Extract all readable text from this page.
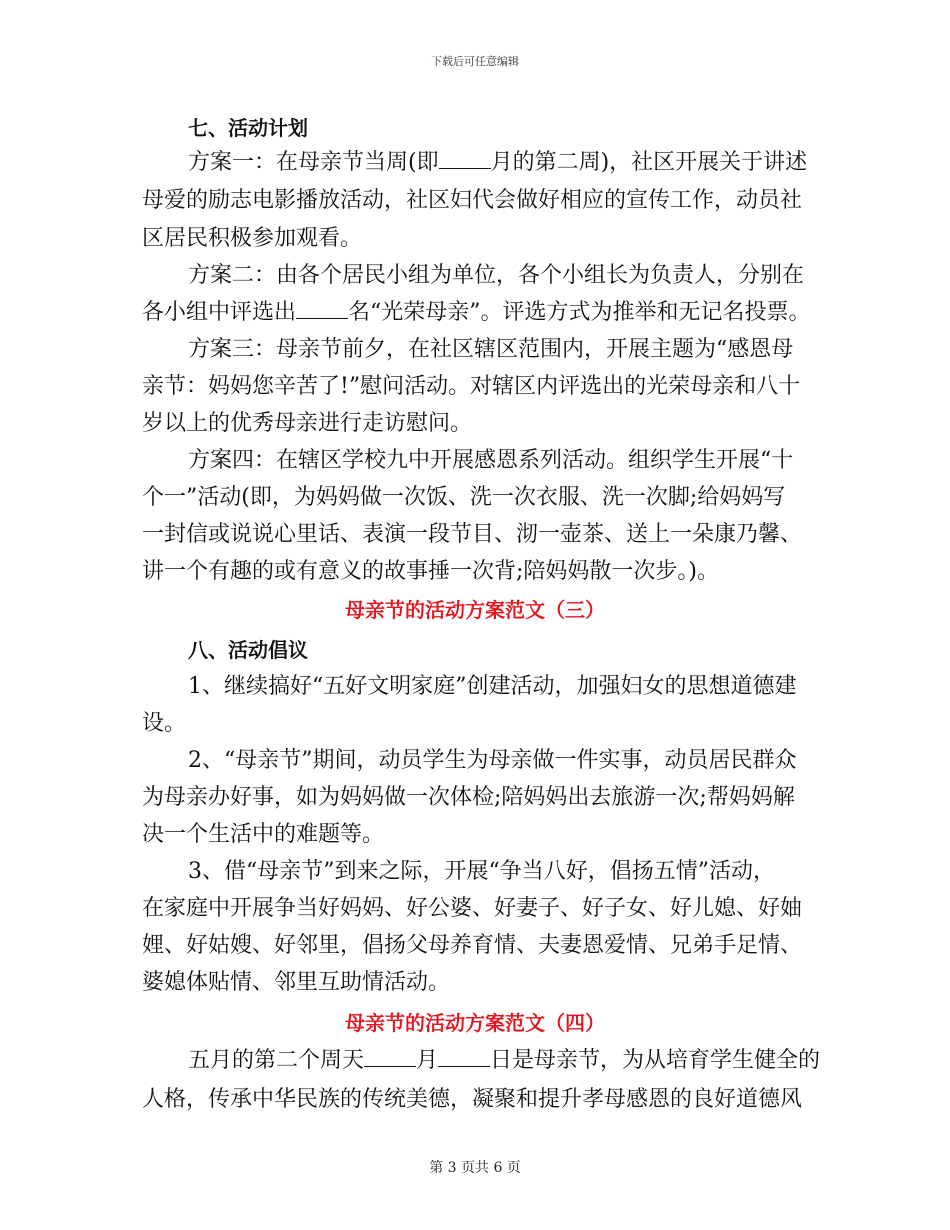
下载后可任意编辑
七、活动计划
方案一：在母亲节当周(即 月的第二周)，社区开展关于讲述
母爱的励志电影播放活动，社区妇代会做好相应的宣传工作，动员社
区居民积极参加观看。
方案二：由各个居民小组为单位，各个小组长为负责人，分别在
各小组中评选出 名“光荣母亲”。评选方式为推举和无记名投票。
方案三：母亲节前夕，在社区辖区范围内，开展主题为“感恩母
亲节：妈妈您辛苦了!”慰问活动。对辖区内评选出的光荣母亲和八十
岁以上的优秀母亲进行走访慰问。
方案四：在辖区学校九中开展感恩系列活动。组织学生开展“十
个一”活动(即，为妈妈做一次饭、洗一次衣服、洗一次脚;给妈妈写
一封信或说说心里话、表演一段节目、沏一壶茶、送上一朵康乃馨、
讲一个有趣的或有意义的故事捶一次背;陪妈妈散一次步。)。
母亲节的活动方案范文（三）
八、活动倡议
1、继续搞好“五好文明家庭”创建活动，加强妇女的思想道德建
设。
2、“母亲节”期间，动员学生为母亲做一件实事，动员居民群众
为母亲办好事，如为妈妈做一次体检;陪妈妈出去旅游一次;帮妈妈解
决一个生活中的难题等。
3、借“母亲节”到来之际，开展“争当八好，倡扬五情”活动，
在家庭中开展争当好妈妈、好公婆、好妻子、好子女、好儿媳、好妯
娌、好姑嫂、好邻里，倡扬父母养育情、夫妻恩爱情、兄弟手足情、
婆媳体贴情、邻里互助情活动。
母亲节的活动方案范文（四）
五月的第二个周天 月 日是母亲节，为从培育学生健全的
人格，传承中华民族的传统美德，凝聚和提升孝母感恩的良好道德风
第 3 页共 6 页
